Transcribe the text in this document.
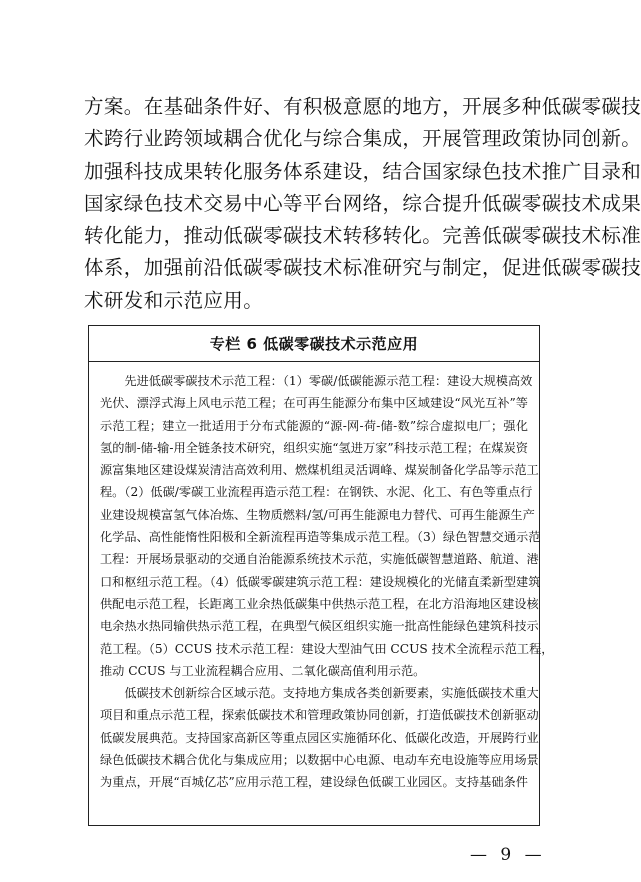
方案。在基础条件好、有积极意愿的地方，开展多种低碳零碳技
术跨行业跨领域耦合优化与综合集成，开展管理政策协同创新。
加强科技成果转化服务体系建设，结合国家绿色技术推广目录和
国家绿色技术交易中心等平台网络，综合提升低碳零碳技术成果
转化能力，推动低碳零碳技术转移转化。完善低碳零碳技术标准
体系，加强前沿低碳零碳技术标准研究与制定，促进低碳零碳技
术研发和示范应用。
专栏 6 低碳零碳技术示范应用
　　先进低碳零碳技术示范工程：（1）零碳/低碳能源示范工程：建设大规模高效
光伏、漂浮式海上风电示范工程；在可再生能源分布集中区域建设“风光互补”等
示范工程；建立一批适用于分布式能源的“源-网-荷-储-数”综合虚拟电厂；强化
氢的制-储-输-用全链条技术研究，组织实施“氢进万家”科技示范工程；在煤炭资
源富集地区建设煤炭清洁高效利用、燃煤机组灵活调峰、煤炭制备化学品等示范工
程。（2）低碳/零碳工业流程再造示范工程：在钢铁、水泥、化工、有色等重点行
业建设规模富氢气体冶炼、生物质燃料/氢/可再生能源电力替代、可再生能源生产
化学品、高性能惰性阳极和全新流程再造等集成示范工程。（3）绿色智慧交通示范
工程：开展场景驱动的交通自治能源系统技术示范，实施低碳智慧道路、航道、港
口和枢纽示范工程。（4）低碳零碳建筑示范工程：建设规模化的光储直柔新型建筑
供配电示范工程，长距离工业余热低碳集中供热示范工程，在北方沿海地区建设核
电余热水热同输供热示范工程，在典型气候区组织实施一批高性能绿色建筑科技示
范工程。（5）CCUS 技术示范工程：建设大型油气田 CCUS 技术全流程示范工程，
推动 CCUS 与工业流程耦合应用、二氧化碳高值利用示范。
　　低碳技术创新综合区域示范。支持地方集成各类创新要素，实施低碳技术重大
项目和重点示范工程，探索低碳技术和管理政策协同创新，打造低碳技术创新驱动
低碳发展典范。支持国家高新区等重点园区实施循环化、低碳化改造，开展跨行业
绿色低碳技术耦合优化与集成应用；以数据中心电源、电动车充电设施等应用场景
为重点，开展“百城亿芯”应用示范工程，建设绿色低碳工业园区。支持基础条件
— 9 —
